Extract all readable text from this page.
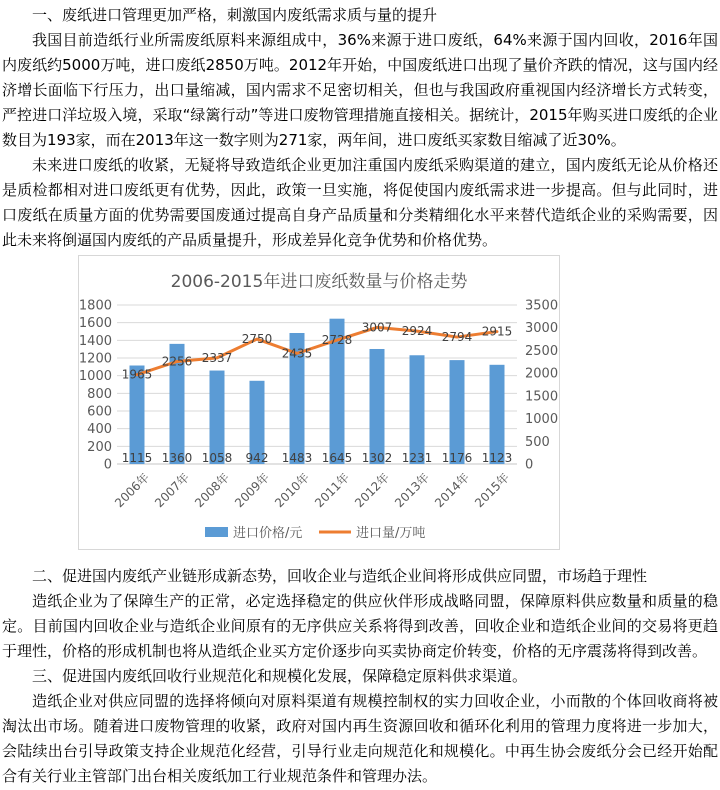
一、废纸进口管理更加严格，刺激国内废纸需求质与量的提升

我国目前造纸行业所需废纸原料来源组成中，36%来源于进口废纸，64%来源于国内回收，2016年国内废纸约5000万吨，进口废纸2850万吨。2012年开始，中国废纸进口出现了量价齐跌的情况，这与国内经济增长面临下行压力，出口量缩减，国内需求不足密切相关，但也与我国政府重视国内经济增长方式转变，严控进口洋垃圾入境，采取“绿篱行动”等进口废物管理措施直接相关。据统计，2015年购买进口废纸的企业数目为193家，而在2013年这一数字则为271家，两年间，进口废纸买家数目缩减了近30%。

未来进口废纸的收紧，无疑将导致造纸企业更加注重国内废纸采购渠道的建立，国内废纸无论从价格还是质检都相对进口废纸更有优势，因此，政策一旦实施，将促使国内废纸需求进一步提高。但与此同时，进口废纸在质量方面的优势需要国废通过提高自身产品质量和分类精细化水平来替代造纸企业的采购需要，因此未来将倒逼国内废纸的产品质量提升，形成差异化竞争优势和价格优势。

2006-2015年进口废纸数量与价格走势
0
200
400
600
800
1000
1200
1400
1600
1800
0
500
1000
1500
2000
2500
3000
3500
1115 1360 1058 942 1483 1645 1302 1231 1176 1123
1965
2256 2337
2750
2435
2728
3007 2924 2794 2915
2006年 2007年 2008年 2009年 2010年 2011年 2012年 2013年 2014年 2015年
进口价格/元	进口量/万吨

二、促进国内废纸产业链形成新态势，回收企业与造纸企业间将形成供应同盟，市场趋于理性

造纸企业为了保障生产的正常，必定选择稳定的供应伙伴形成战略同盟，保障原料供应数量和质量的稳定。目前国内回收企业与造纸企业间原有的无序供应关系将得到改善，回收企业和造纸企业间的交易将更趋于理性，价格的形成机制也将从造纸企业买方定价逐步向买卖协商定价转变，价格的无序震荡将得到改善。

三、促进国内废纸回收行业规范化和规模化发展，保障稳定原料供求渠道。

造纸企业对供应同盟的选择将倾向对原料渠道有规模控制权的实力回收企业，小而散的个体回收商将被淘汰出市场。随着进口废物管理的收紧，政府对国内再生资源回收和循环化利用的管理力度将进一步加大，会陆续出台引导政策支持企业规范化经营，引导行业走向规范化和规模化。中再生协会废纸分会已经开始配合有关行业主管部门出台相关废纸加工行业规范条件和管理办法。
